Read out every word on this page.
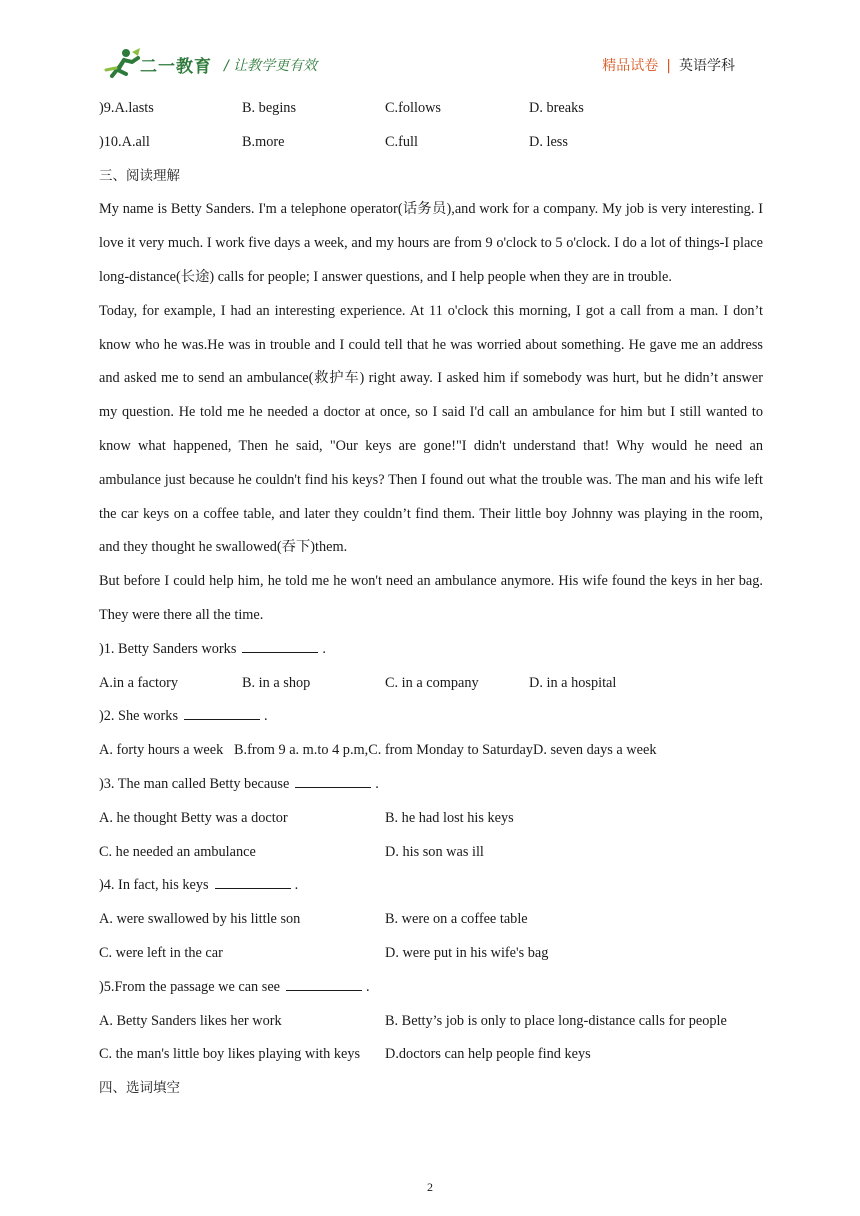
二一教育 / 让教学更有效	精品试卷 | 英语学科
)9.A.lasts	B. begins	C.follows	D. breaks
)10.A.all	B.more	C.full	D. less
三、阅读理解

My name is Betty Sanders. I'm a telephone operator(话务员),and work for a company. My job is very interesting. I love it very much. I work five days a week, and my hours are from 9 o'clock to 5 o'clock. I do a lot of things-I place long-distance(长途) calls for people; I answer questions, and I help people when they are in trouble.

Today, for example, I had an interesting experience. At 11 o'clock this morning, I got a call from a man. I don’t know who he was.He was in trouble and I could tell that he was worried about something. He gave me an address and asked me to send an ambulance(救护车) right away. I asked him if somebody was hurt, but he didn’t answer my question. He told me he needed a doctor at once, so I said I'd call an ambulance for him but I still wanted to know what happened, Then he said, "Our keys are gone!"I didn't understand that! Why would he need an ambulance just because he couldn't find his keys? Then I found out what the trouble was. The man and his wife left the car keys on a coffee table, and later they couldn’t find them. Their little boy Johnny was playing in the room, and they thought he swallowed(吞下)them.

But before I could help him, he told me he won't need an ambulance anymore. His wife found the keys in her bag. They were there all the time.

)1. Betty Sanders works	.
A.in a factory	B. in a shop	C. in a company	D. in a hospital
)2. She works	.
A. forty hours a week   B.from 9 a. m.to 4 p.m,C. from Monday to SaturdayD. seven days a week
)3. The man called Betty because	.
A. he thought Betty was a doctor	B. he had lost his keys
C. he needed an ambulance	D. his son was ill
)4. In fact, his keys	.
A. were swallowed by his little son	B. were on a coffee table
C. were left in the car	D. were put in his wife's bag
)5.From the passage we can see	.
A. Betty Sanders likes her work	B. Betty’s job is only to place long-distance calls for people
C. the man's little boy likes playing with keys D.doctors can help people find keys
四、选词填空
2
